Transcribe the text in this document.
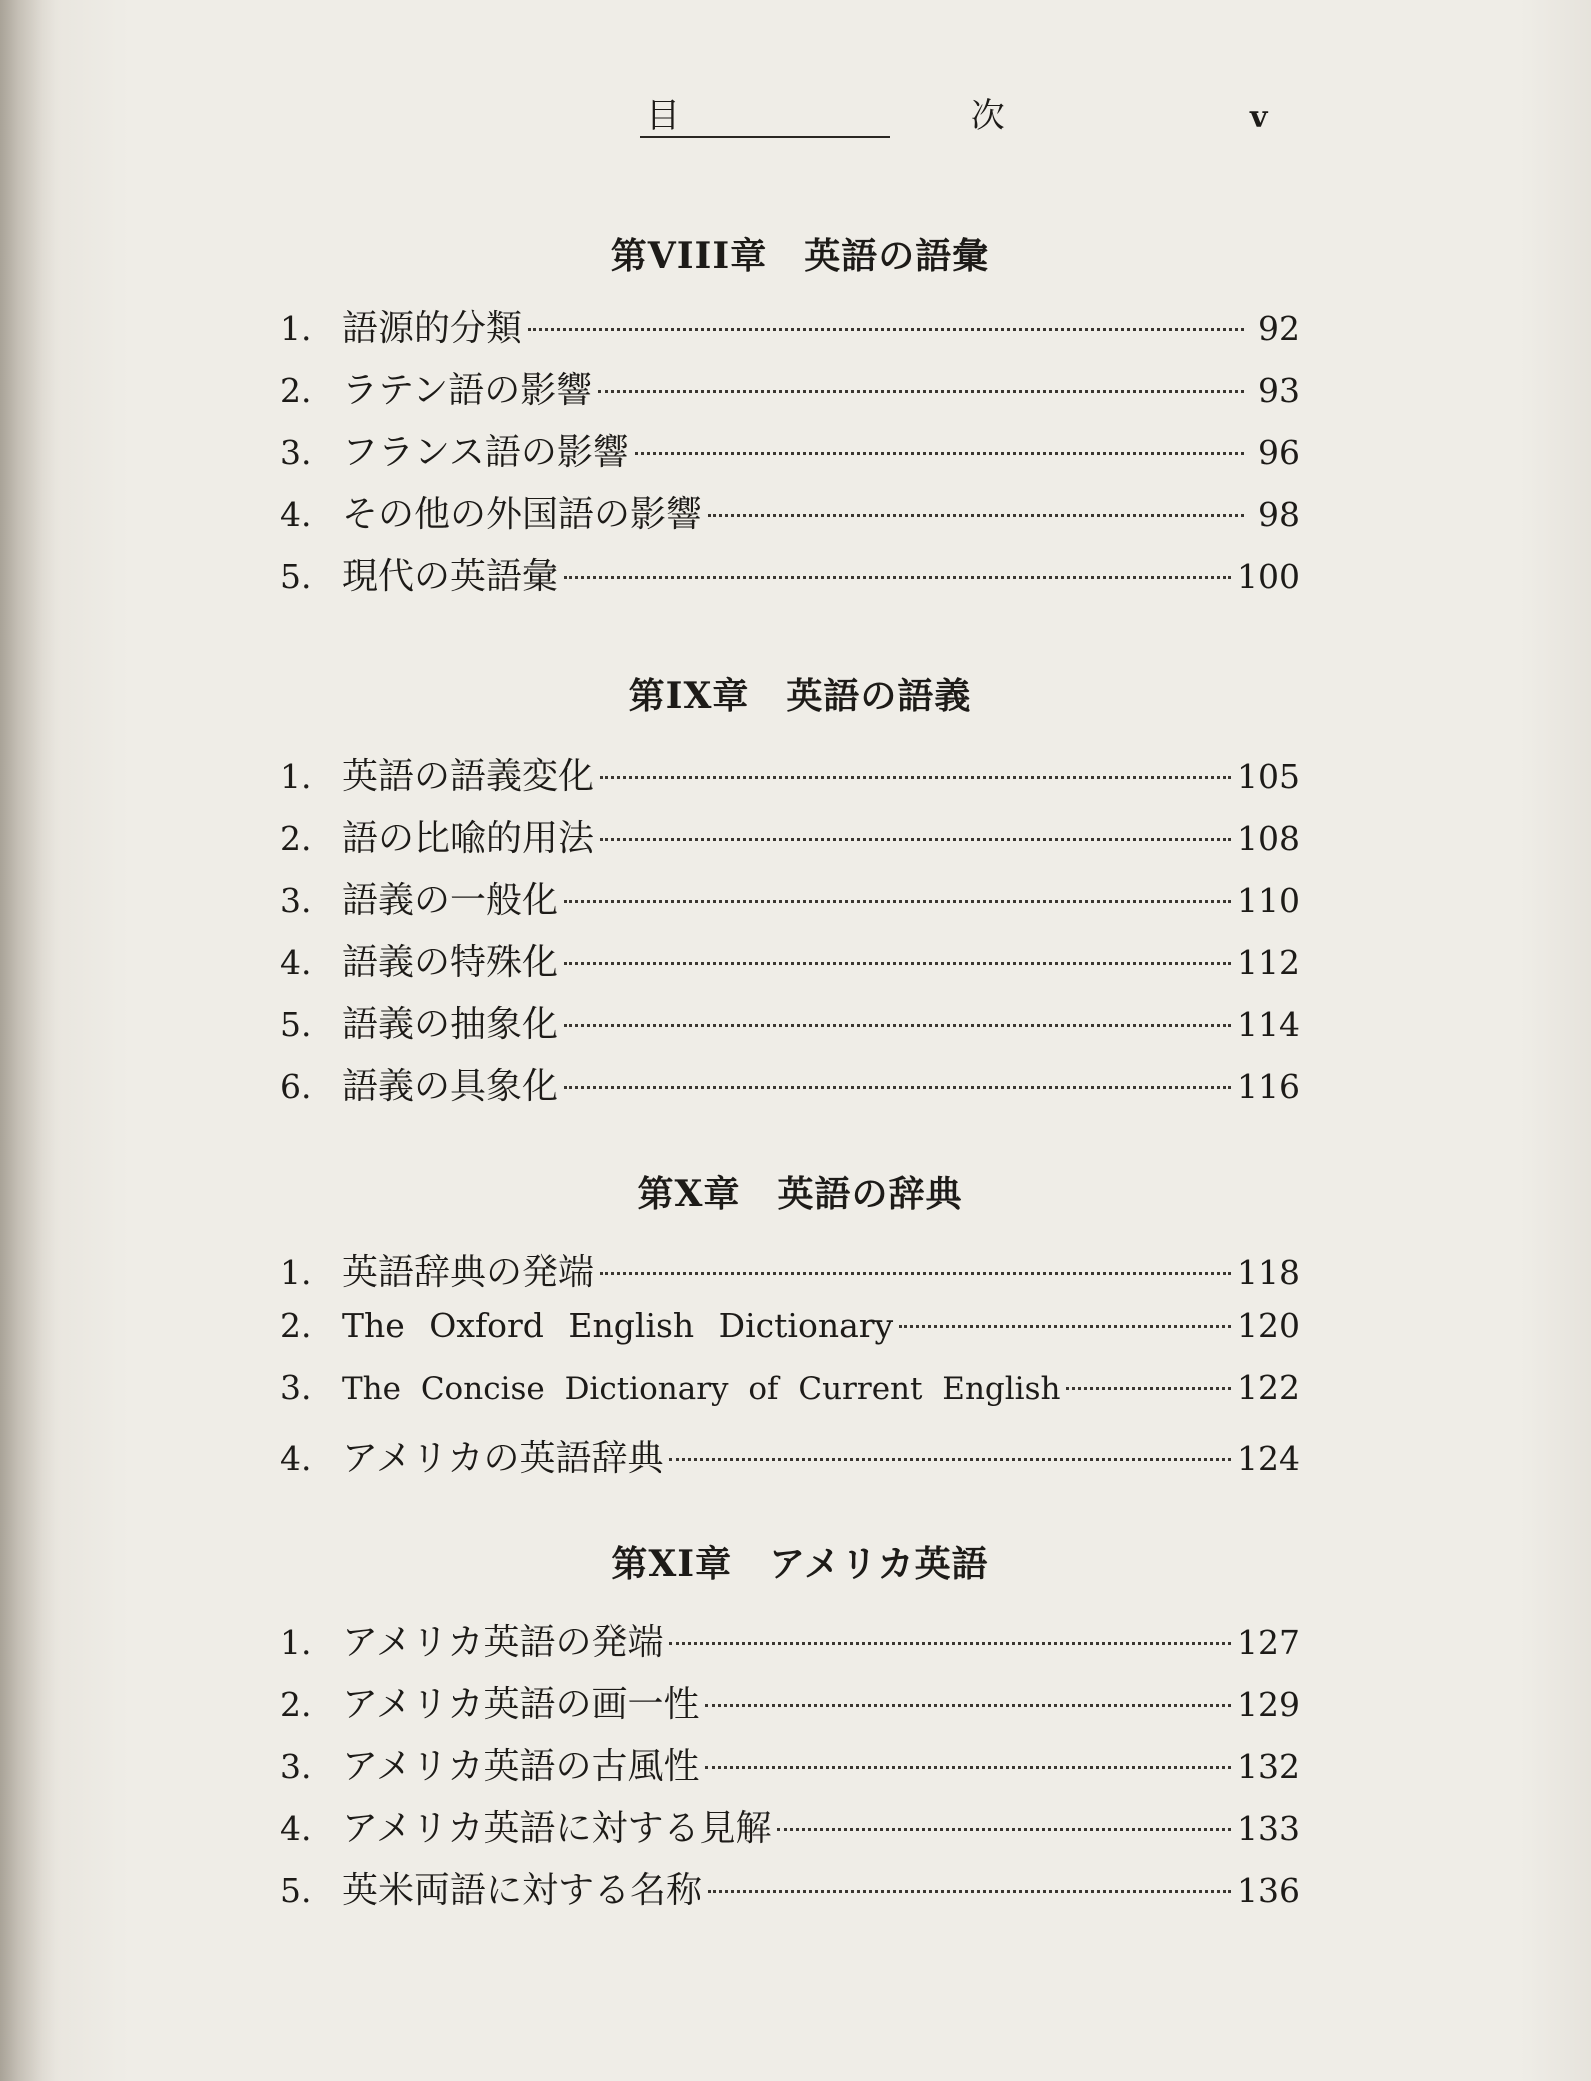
目 次	v
第VIII章　英語の語彙
1. 語源的分類	92
2. ラテン語の影響	93
3. フランス語の影響	96
4. その他の外国語の影響	98
5. 現代の英語彙	100
第IX章　英語の語義
1. 英語の語義変化	105
2. 語の比喩的用法	108
3. 語義の一般化	110
4. 語義の特殊化	112
5. 語義の抽象化	114
6. 語義の具象化	116
第X章　英語の辞典
1. 英語辞典の発端	118
2. The Oxford English Dictionary	120
3. The Concise Dictionary of Current English	122
4. アメリカの英語辞典	124
第XI章　アメリカ英語
1. アメリカ英語の発端	127
2. アメリカ英語の画一性	129
3. アメリカ英語の古風性	132
4. アメリカ英語に対する見解	133
5. 英米両語に対する名称	136
